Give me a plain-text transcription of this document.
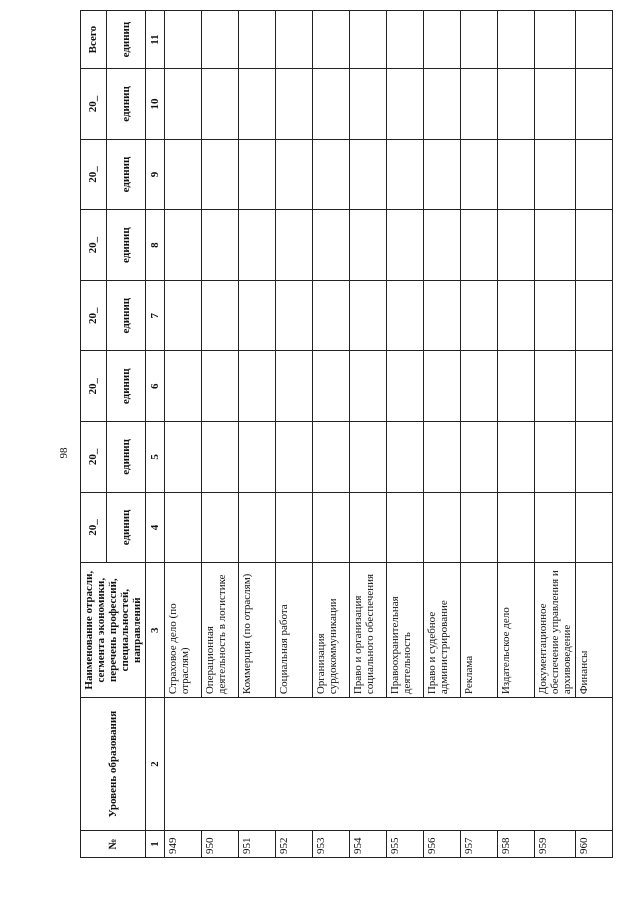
98
№	Уровень образования	Наименование отрасли, сегмента экономики, перечень профессий, специальностей, направлений	20_	20_	20_	20_	20_	20_	20_	Всего
			единиц	единиц	единиц	единиц	единиц	единиц	единиц	единиц
1	2	3	4	5	6	7	8	9	10	11
949		Страховое дело (по отраслям)								
950		Операционная деятельность в логистике								
951		Коммерция (по отраслям)								
952		Социальная работа								
953		Организация сурдокоммуникации								
954		Право и организация социального обеспечения								
955		Правоохранительная деятельность								
956		Право и судебное администрирование								
957		Реклама								
958		Издательское дело								
959		Документационное обеспечение управления и архивоведение								
960		Финансы								
